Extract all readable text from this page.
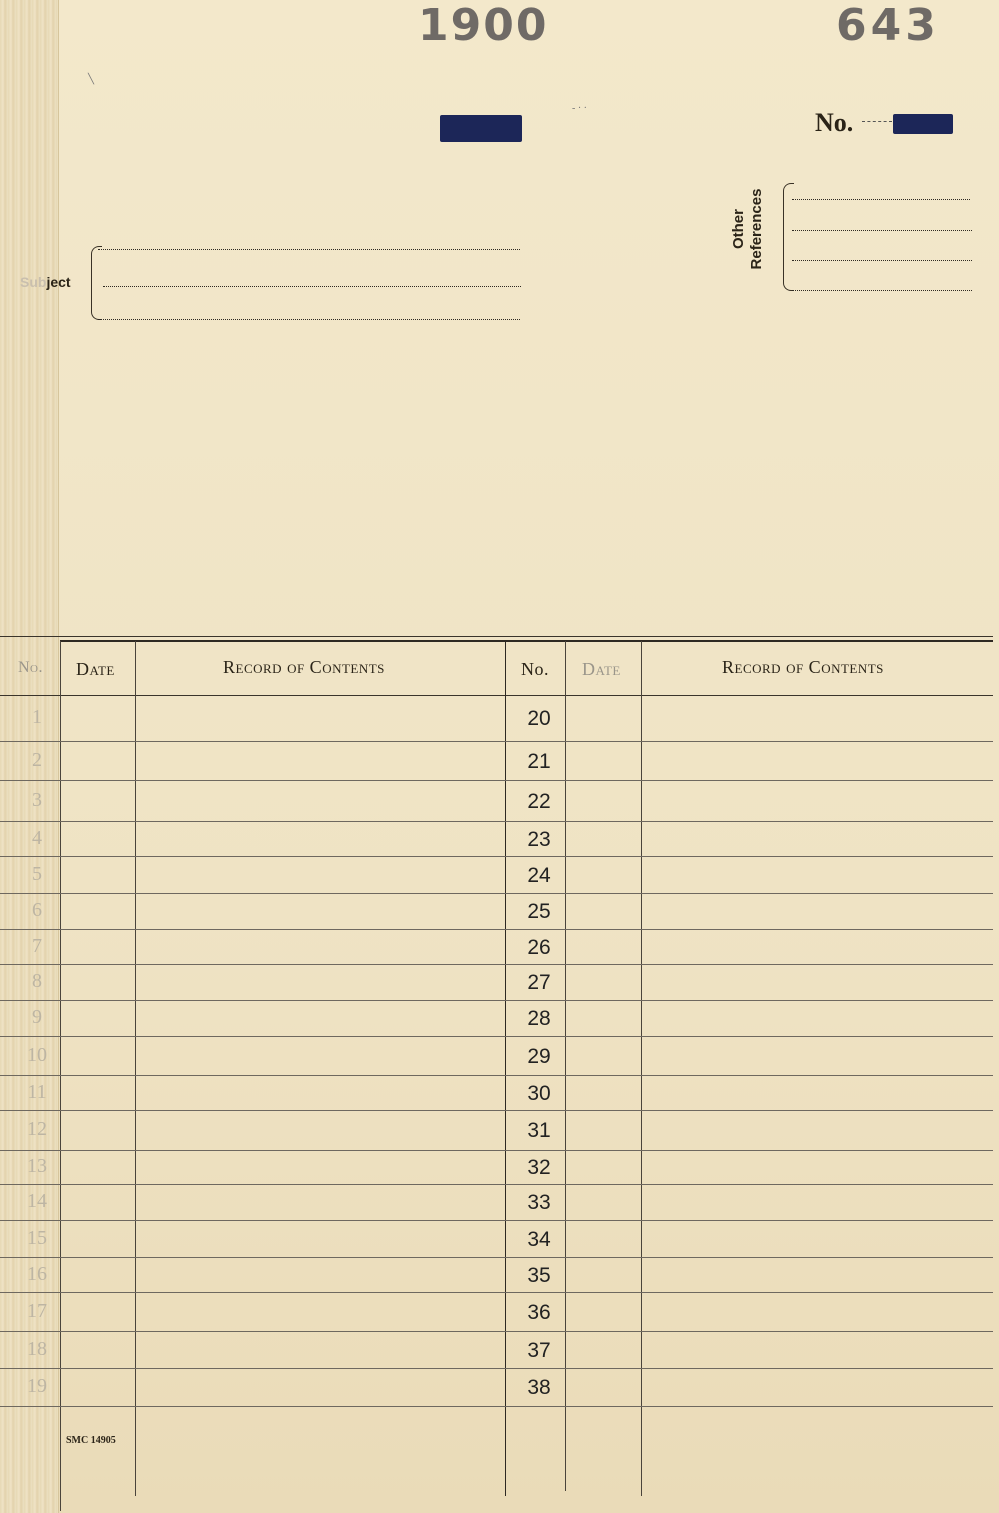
1900	643
No.
╲
- · ·
Other References
Subject
No. Date	Record of Contents	No. Date	Record of Contents
SMC 14905
1	20
2	21
3	22
4	23
5	24
6	25
7	26
8	27
9	28
10	29
11	30
12	31
13	32
14	33
15	34
16	35
17	36
18	37
19	38
